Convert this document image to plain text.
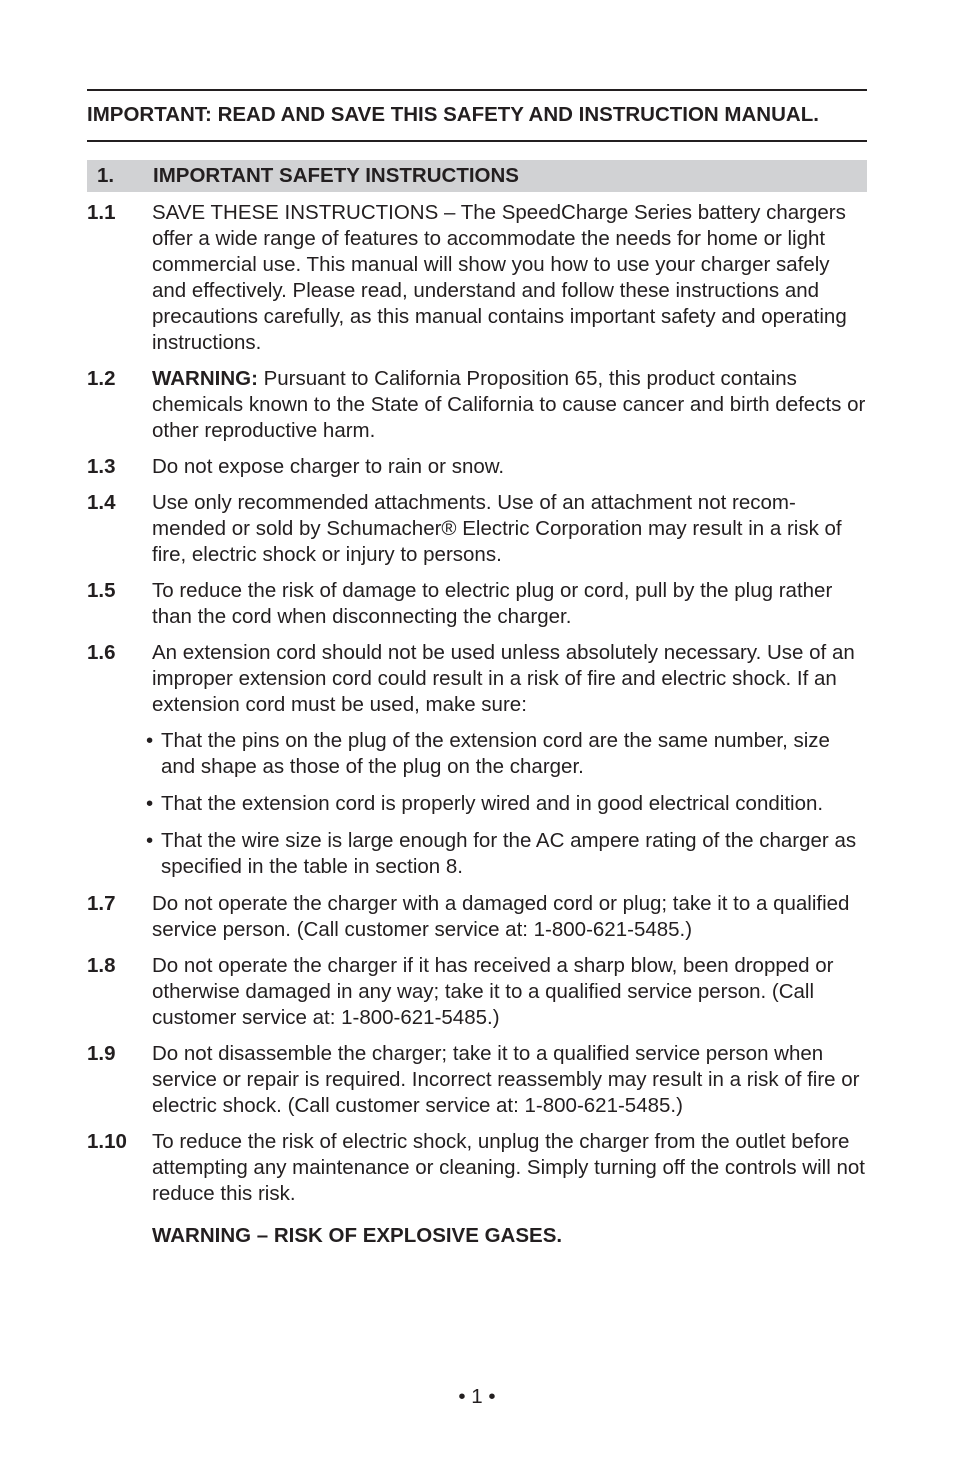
IMPORTANT: READ AND SAVE THIS SAFETY AND INSTRUCTION MANUAL.
1. IMPORTANT SAFETY INSTRUCTIONS
1.1 SAVE THESE INSTRUCTIONS – The SpeedCharge Series battery chargers offer a wide range of features to accommodate the needs for home or light commercial use. This manual will show you how to use your charger safely and effectively. Please read, understand and follow these instructions and precautions carefully, as this manual contains important safety and operating instructions.
1.2 WARNING: Pursuant to California Proposition 65, this product contains chemicals known to the State of California to cause cancer and birth defects or other reproductive harm.
1.3 Do not expose charger to rain or snow.
1.4 Use only recommended attachments. Use of an attachment not recom-mended or sold by Schumacher® Electric Corporation may result in a risk of fire, electric shock or injury to persons.
1.5 To reduce the risk of damage to electric plug or cord, pull by the plug rather than the cord when disconnecting the charger.
1.6 An extension cord should not be used unless absolutely necessary. Use of an improper extension cord could result in a risk of fire and electric shock. If an extension cord must be used, make sure:
• That the pins on the plug of the extension cord are the same number, size and shape as those of the plug on the charger.
• That the extension cord is properly wired and in good electrical condition.
• That the wire size is large enough for the AC ampere rating of the charger as specified in the table in section 8.
1.7 Do not operate the charger with a damaged cord or plug; take it to a qualified service person. (Call customer service at: 1-800-621-5485.)
1.8 Do not operate the charger if it has received a sharp blow, been dropped or otherwise damaged in any way; take it to a qualified service person. (Call customer service at: 1-800-621-5485.)
1.9 Do not disassemble the charger; take it to a qualified service person when service or repair is required. Incorrect reassembly may result in a risk of fire or electric shock. (Call customer service at: 1-800-621-5485.)
1.10 To reduce the risk of electric shock, unplug the charger from the outlet before attempting any maintenance or cleaning. Simply turning off the controls will not reduce this risk.
WARNING – RISK OF EXPLOSIVE GASES.
• 1 •
